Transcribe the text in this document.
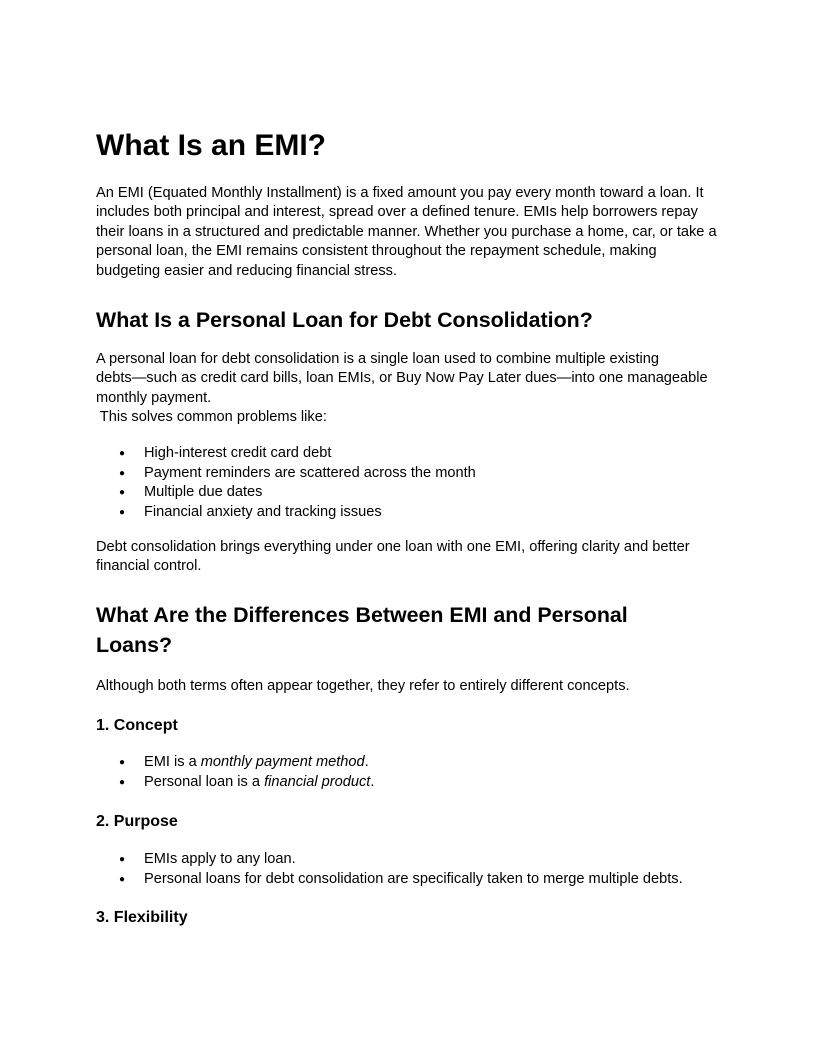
What Is an EMI?

An EMI (Equated Monthly Installment) is a fixed amount you pay every month toward a loan. It
includes both principal and interest, spread over a defined tenure. EMIs help borrowers repay
their loans in a structured and predictable manner. Whether you purchase a home, car, or take a
personal loan, the EMI remains consistent throughout the repayment schedule, making
budgeting easier and reducing financial stress.

What Is a Personal Loan for Debt Consolidation?

A personal loan for debt consolidation is a single loan used to combine multiple existing
debts—such as credit card bills, loan EMIs, or Buy Now Pay Later dues—into one manageable
monthly payment.
This solves common problems like:

● High-interest credit card debt
● Payment reminders are scattered across the month
● Multiple due dates
● Financial anxiety and tracking issues

Debt consolidation brings everything under one loan with one EMI, offering clarity and better
financial control.

What Are the Differences Between EMI and Personal
Loans?

Although both terms often appear together, they refer to entirely different concepts.

1. Concept
● EMI is a monthly payment method.
● Personal loan is a financial product.
2. Purpose
● EMIs apply to any loan.
● Personal loans for debt consolidation are specifically taken to merge multiple debts.
3. Flexibility
